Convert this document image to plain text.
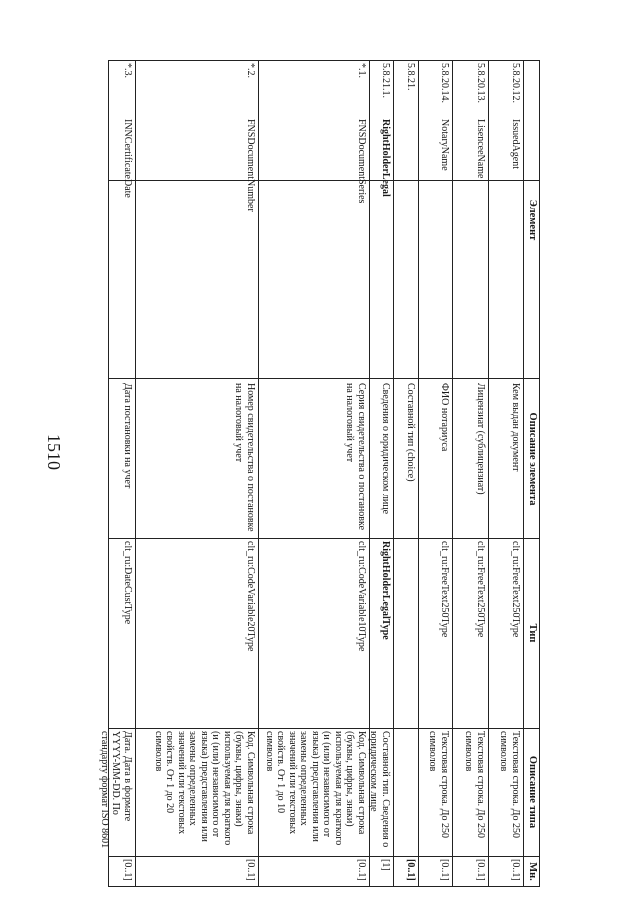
1510
Элемент
Описание элемента
Тип
Описание типа
Мн.
5.8.20.12.
IssuedAgent
Кем выдан документ
clt_ru:FreeText250Type
Текстовая строка. До 250 символов
[0..1]
5.8.20.13.
LisenceeName
Лицензиат (сублицензиат)
clt_ru:FreeText250Type
Текстовая строка. До 250 символов
[0..1]
5.8.20.14.
NotaryName
ФИО нотариуса
clt_ru:FreeText250Type
Текстовая строка. До 250 символов
[0..1]
5.8.21.
Составной тип (choice)
[0..1]
5.8.21.1.
RightHolderLegal
Сведения о юридическом лице
RightHolderLegalType
Составной тип. Сведения о юридическом лице
[1]
*.1.
FNSDocumentSeries
Серия свидетельства о постановке на налоговый учет
clt_ru:CodeVariable10Type
Код. Символьная строка (буквы, цифры, знаки) используемая для краткого (и (или) независимого от языка) представления или замены определенных значений или текстовых свойств. От 1 до 10 символов
[0..1]
*.2.
FNSDocumentNumber
Номер свидетельства о постановке на налоговый учет
clt_ru:CodeVariable20Type
Код. Символьная строка (буквы, цифры, знаки) используемая для краткого (и (или) независимого от языка) представления или замены определенных значений или текстовых свойств. От 1 до 20 символов
[0..1]
*.3.
INNCertificateDate
Дата постановки на учет
clt_ru:DateCustType
Дата. Дата в формате YYYY-MM-DD. По стандарту формат ISO 8601
[0..1]
